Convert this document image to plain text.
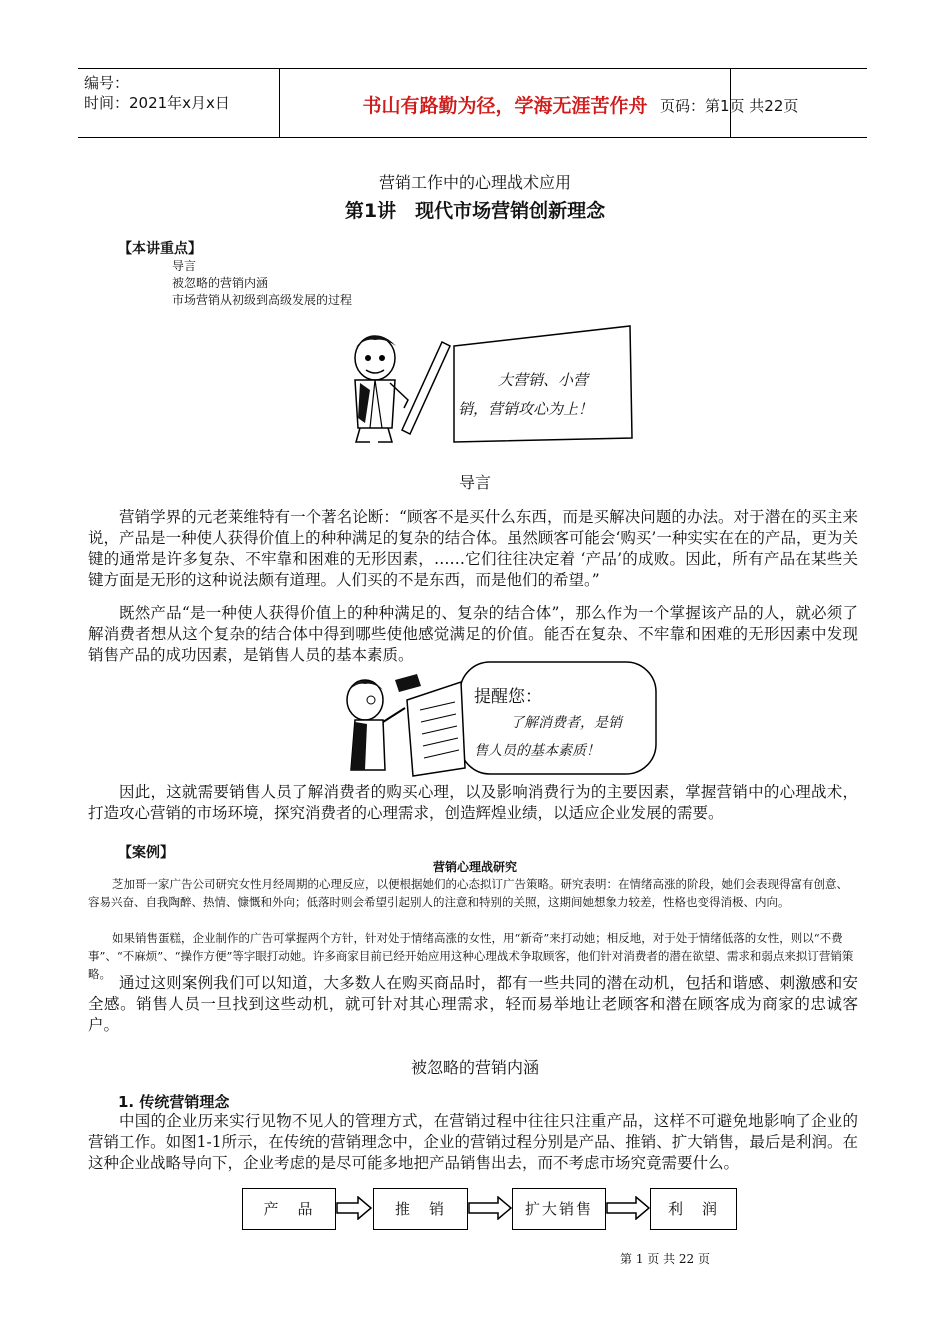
编号：
时间：2021年x月x日	书山有路勤为径，学海无涯苦作舟 页码：第1页 共22页
营销工作中的心理战术应用
第1讲　现代市场营销创新理念
【本讲重点】
导言
被忽略的营销内涵
市场营销从初级到高级发展的过程
大营销、小营
销，营销攻心为上！
导言

营销学界的元老莱维特有一个著名论断：“顾客不是买什么东西，而是买解决问题的办法。对于潜在的买主来说，产品是一种使人获得价值上的种种满足的复杂的结合体。虽然顾客可能会‘购买’一种实实在在的产品，更为关键的通常是许多复杂、不牢靠和困难的无形因素，……它们往往决定着 ‘产品’的成败。因此，所有产品在某些关键方面是无形的这种说法颇有道理。人们买的不是东西，而是他们的希望。”

既然产品“是一种使人获得价值上的种种满足的、复杂的结合体”，那么作为一个掌握该产品的人，就必须了解消费者想从这个复杂的结合体中得到哪些使他感觉满足的价值。能否在复杂、不牢靠和困难的无形因素中发现销售产品的成功因素，是销售人员的基本素质。

提醒您：
了解消费者，是销
售人员的基本素质！

因此，这就需要销售人员了解消费者的购买心理，以及影响消费行为的主要因素，掌握营销中的心理战术，打造攻心营销的市场环境，探究消费者的心理需求，创造辉煌业绩，以适应企业发展的需要。

【案例】
营销心理战研究

芝加哥一家广告公司研究女性月经周期的心理反应，以便根据她们的心态拟订广告策略。研究表明：在情绪高涨的阶段，她们会表现得富有创意、容易兴奋、自我陶醉、热情、慷慨和外向；低落时则会希望引起别人的注意和特别的关照，这期间她想象力较差，性格也变得消极、内向。

如果销售蛋糕，企业制作的广告可掌握两个方针，针对处于情绪高涨的女性，用“新奇”来打动她；相反地，对于处于情绪低落的女性，则以“不费事”、“不麻烦”、“操作方便”等字眼打动她。许多商家目前已经开始应用这种心理战术争取顾客，他们针对消费者的潜在欲望、需求和弱点来拟订营销策略。 通过这则案例我们可以知道，大多数人在购买商品时，都有一些共同的潜在动机，包括和谐感、刺激感和安全感。销售人员一旦找到这些动机，就可针对其心理需求，轻而易举地让老顾客和潜在顾客成为商家的忠诚客户。

被忽略的营销内涵
1. 传统营销理念

中国的企业历来实行见物不见人的管理方式，在营销过程中往往只注重产品，这样不可避免地影响了企业的营销工作。如图1-1所示，在传统的营销理念中，企业的营销过程分别是产品、推销、扩大销售，最后是利润。在这种企业战略导向下，企业考虑的是尽可能多地把产品销售出去，而不考虑市场究竟需要什么。

产　品	推　销	扩大销售	利　润
第 1 页 共 22 页
